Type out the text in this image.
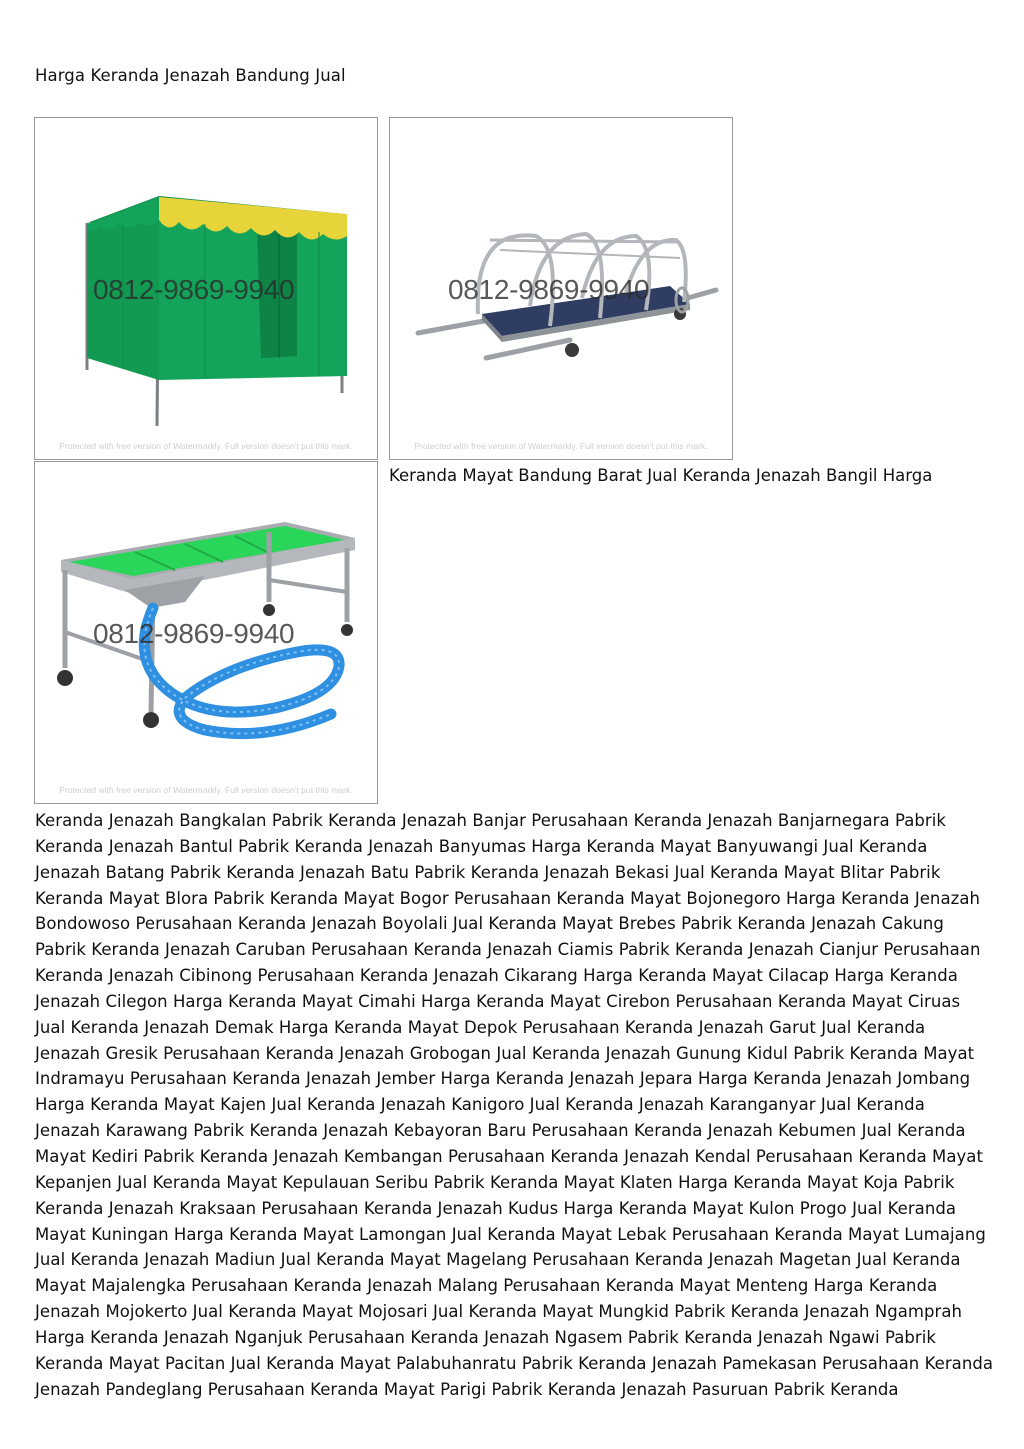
Harga Keranda Jenazah Bandung Jual
0812-9869-9940
Protected with free version of Watermarkly. Full version doesn't put this mark.
0812-9869-9940
Protected with free version of Watermarkly. Full version doesn't put this mark.
0812-9869-9940
Protected with free version of Watermarkly. Full version doesn't put this mark.
Keranda Mayat Bandung Barat Jual Keranda Jenazah Bangil Harga
Keranda Jenazah Bangkalan Pabrik Keranda Jenazah Banjar Perusahaan Keranda Jenazah Banjarnegara Pabrik Keranda Jenazah Bantul Pabrik Keranda Jenazah Banyumas Harga Keranda Mayat Banyuwangi Jual Keranda Jenazah Batang Pabrik Keranda Jenazah Batu Pabrik Keranda Jenazah Bekasi Jual Keranda Mayat Blitar Pabrik Keranda Mayat Blora Pabrik Keranda Mayat Bogor Perusahaan Keranda Mayat Bojonegoro Harga Keranda Jenazah Bondowoso Perusahaan Keranda Jenazah Boyolali Jual Keranda Mayat Brebes Pabrik Keranda Jenazah Cakung Pabrik Keranda Jenazah Caruban Perusahaan Keranda Jenazah Ciamis Pabrik Keranda Jenazah Cianjur Perusahaan Keranda Jenazah Cibinong Perusahaan Keranda Jenazah Cikarang Harga Keranda Mayat Cilacap Harga Keranda Jenazah Cilegon Harga Keranda Mayat Cimahi Harga Keranda Mayat Cirebon Perusahaan Keranda Mayat Ciruas Jual Keranda Jenazah Demak Harga Keranda Mayat Depok Perusahaan Keranda Jenazah Garut Jual Keranda Jenazah Gresik Perusahaan Keranda Jenazah Grobogan Jual Keranda Jenazah Gunung Kidul Pabrik Keranda Mayat Indramayu Perusahaan Keranda Jenazah Jember Harga Keranda Jenazah Jepara Harga Keranda Jenazah Jombang Harga Keranda Mayat Kajen Jual Keranda Jenazah Kanigoro Jual Keranda Jenazah Karanganyar Jual Keranda Jenazah Karawang Pabrik Keranda Jenazah Kebayoran Baru Perusahaan Keranda Jenazah Kebumen Jual Keranda Mayat Kediri Pabrik Keranda Jenazah Kembangan Perusahaan Keranda Jenazah Kendal Perusahaan Keranda Mayat Kepanjen Jual Keranda Mayat Kepulauan Seribu Pabrik Keranda Mayat Klaten Harga Keranda Mayat Koja Pabrik Keranda Jenazah Kraksaan Perusahaan Keranda Jenazah Kudus Harga Keranda Mayat Kulon Progo Jual Keranda Mayat Kuningan Harga Keranda Mayat Lamongan Jual Keranda Mayat Lebak Perusahaan Keranda Mayat Lumajang Jual Keranda Jenazah Madiun Jual Keranda Mayat Magelang Perusahaan Keranda Jenazah Magetan Jual Keranda Mayat Majalengka Perusahaan Keranda Jenazah Malang Perusahaan Keranda Mayat Menteng Harga Keranda Jenazah Mojokerto Jual Keranda Mayat Mojosari Jual Keranda Mayat Mungkid Pabrik Keranda Jenazah Ngamprah Harga Keranda Jenazah Nganjuk Perusahaan Keranda Jenazah Ngasem Pabrik Keranda Jenazah Ngawi Pabrik Keranda Mayat Pacitan Jual Keranda Mayat Palabuhanratu Pabrik Keranda Jenazah Pamekasan Perusahaan Keranda Jenazah Pandeglang Perusahaan Keranda Mayat Parigi Pabrik Keranda Jenazah Pasuruan Pabrik Keranda
